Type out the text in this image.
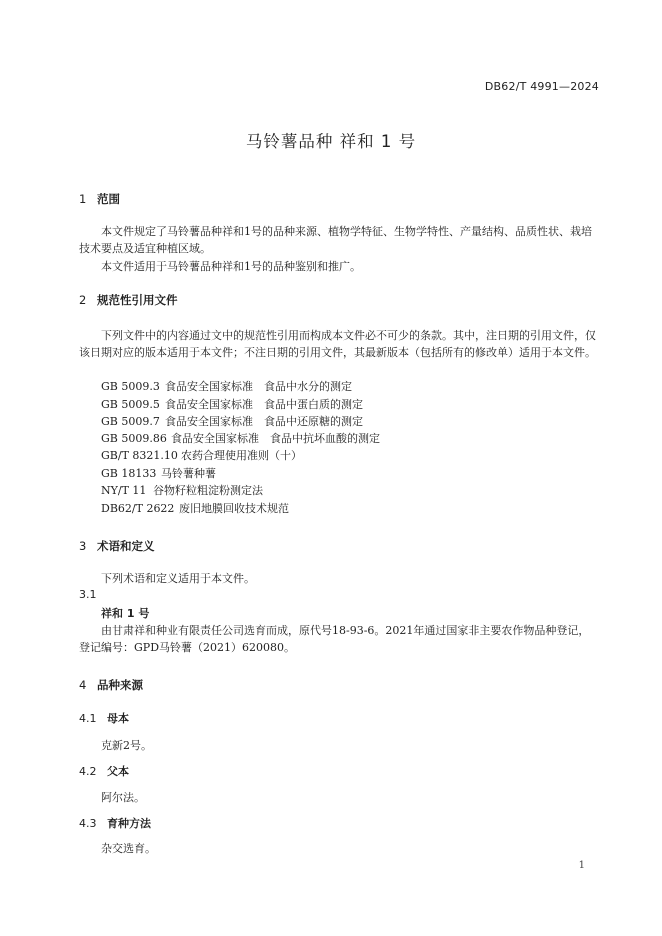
DB62/T 4991—2024
马铃薯品种 祥和 1 号
1 范围
本文件规定了马铃薯品种祥和1号的品种来源、植物学特征、生物学特性、产量结构、品质性状、栽培技术要点及适宜种植区域。
本文件适用于马铃薯品种祥和1号的品种鉴别和推广。
2 规范性引用文件
下列文件中的内容通过文中的规范性引用而构成本文件必不可少的条款。其中，注日期的引用文件，仅该日期对应的版本适用于本文件；不注日期的引用文件，其最新版本（包括所有的修改单）适用于本文件。
GB 5009.3 食品安全国家标准　食品中水分的测定
GB 5009.5 食品安全国家标准　食品中蛋白质的测定
GB 5009.7 食品安全国家标准　食品中还原糖的测定
GB 5009.86 食品安全国家标准　食品中抗坏血酸的测定
GB/T 8321.10 农药合理使用准则（十）
GB 18133 马铃薯种薯
NY/T 11 谷物籽粒粗淀粉测定法
DB62/T 2622 废旧地膜回收技术规范
3 术语和定义
下列术语和定义适用于本文件。
3.1
祥和 1 号
由甘肃祥和种业有限责任公司选育而成，原代号18-93-6。2021年通过国家非主要农作物品种登记，登记编号：GPD马铃薯（2021）620080。
4 品种来源
4.1 母本
克新2号。
4.2 父本
阿尔法。
4.3 育种方法
杂交选育。
1
